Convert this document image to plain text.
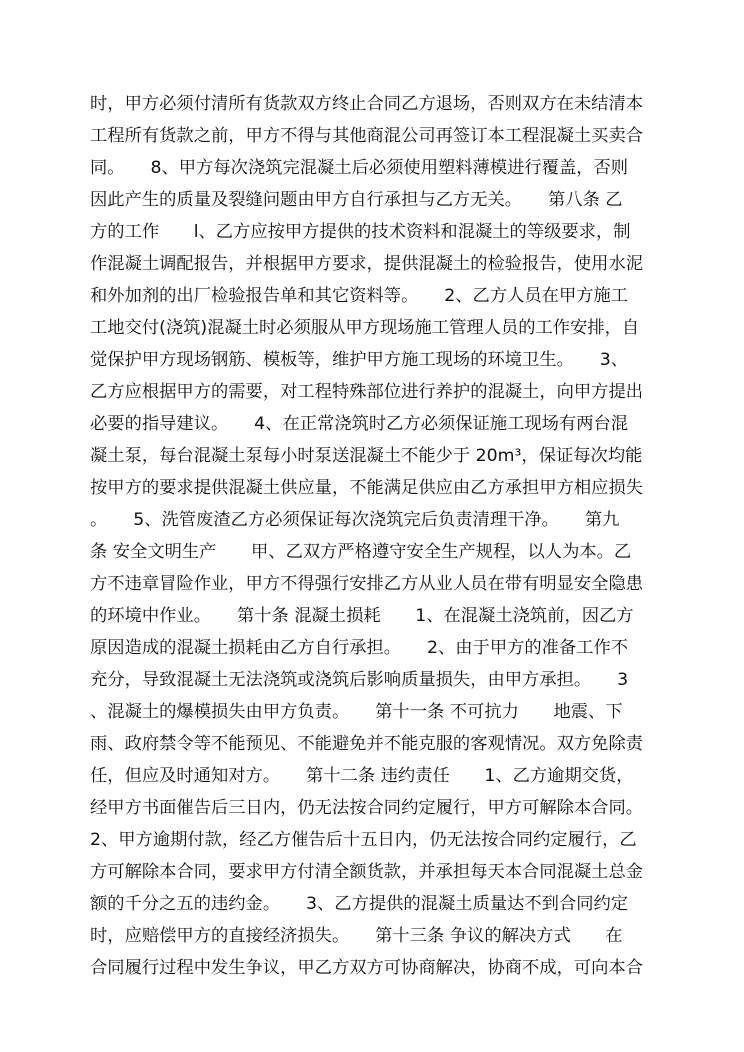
时，甲方必须付清所有货款双方终止合同乙方退场，否则双方在未结清本
工程所有货款之前，甲方不得与其他商混公司再签订本工程混凝土买卖合
同。　　8、甲方每次浇筑完混凝土后必须使用塑料薄模进行覆盖，否则
因此产生的质量及裂缝问题由甲方自行承担与乙方无关。　　第八条 乙
方的工作　　l、乙方应按甲方提供的技术资料和混凝土的等级要求，制
作混凝土调配报告，并根据甲方要求，提供混凝土的检验报告，使用水泥
和外加剂的出厂检验报告单和其它资料等。　　2、乙方人员在甲方施工
工地交付(浇筑)混凝土时必须服从甲方现场施工管理人员的工作安排，自
觉保护甲方现场钢筋、模板等，维护甲方施工现场的环境卫生。　　3、
乙方应根据甲方的需要，对工程特殊部位进行养护的混凝土，向甲方提出
必要的指导建议。　　4、在正常浇筑时乙方必须保证施工现场有两台混
凝土泵，每台混凝土泵每小时泵送混凝土不能少于 20m³，保证每次均能
按甲方的要求提供混凝土供应量，不能满足供应由乙方承担甲方相应损失
。　　5、洗管废渣乙方必须保证每次浇筑完后负责清理干净。　　第九
条 安全文明生产　　甲、乙双方严格遵守安全生产规程，以人为本。乙
方不违章冒险作业，甲方不得强行安排乙方从业人员在带有明显安全隐患
的环境中作业。　　第十条 混凝土损耗　　1、在混凝土浇筑前，因乙方
原因造成的混凝土损耗由乙方自行承担。　　2、由于甲方的准备工作不
充分，导致混凝土无法浇筑或浇筑后影响质量损失，由甲方承担。　　3
、混凝土的爆模损失由甲方负责。　　第十一条 不可抗力　　地震、下
雨、政府禁令等不能预见、不能避免并不能克服的客观情况。双方免除责
任，但应及时通知对方。　　第十二条 违约责任　　1、乙方逾期交货，
经甲方书面催告后三日内，仍无法按合同约定履行，甲方可解除本合同。
2、甲方逾期付款，经乙方催告后十五日内，仍无法按合同约定履行，乙
方可解除本合同，要求甲方付清全额货款，并承担每天本合同混凝土总金
额的千分之五的违约金。　　3、乙方提供的混凝土质量达不到合同约定
时，应赔偿甲方的直接经济损失。　　第十三条 争议的解决方式　　在
合同履行过程中发生争议，甲乙方双方可协商解决，协商不成，可向本合
